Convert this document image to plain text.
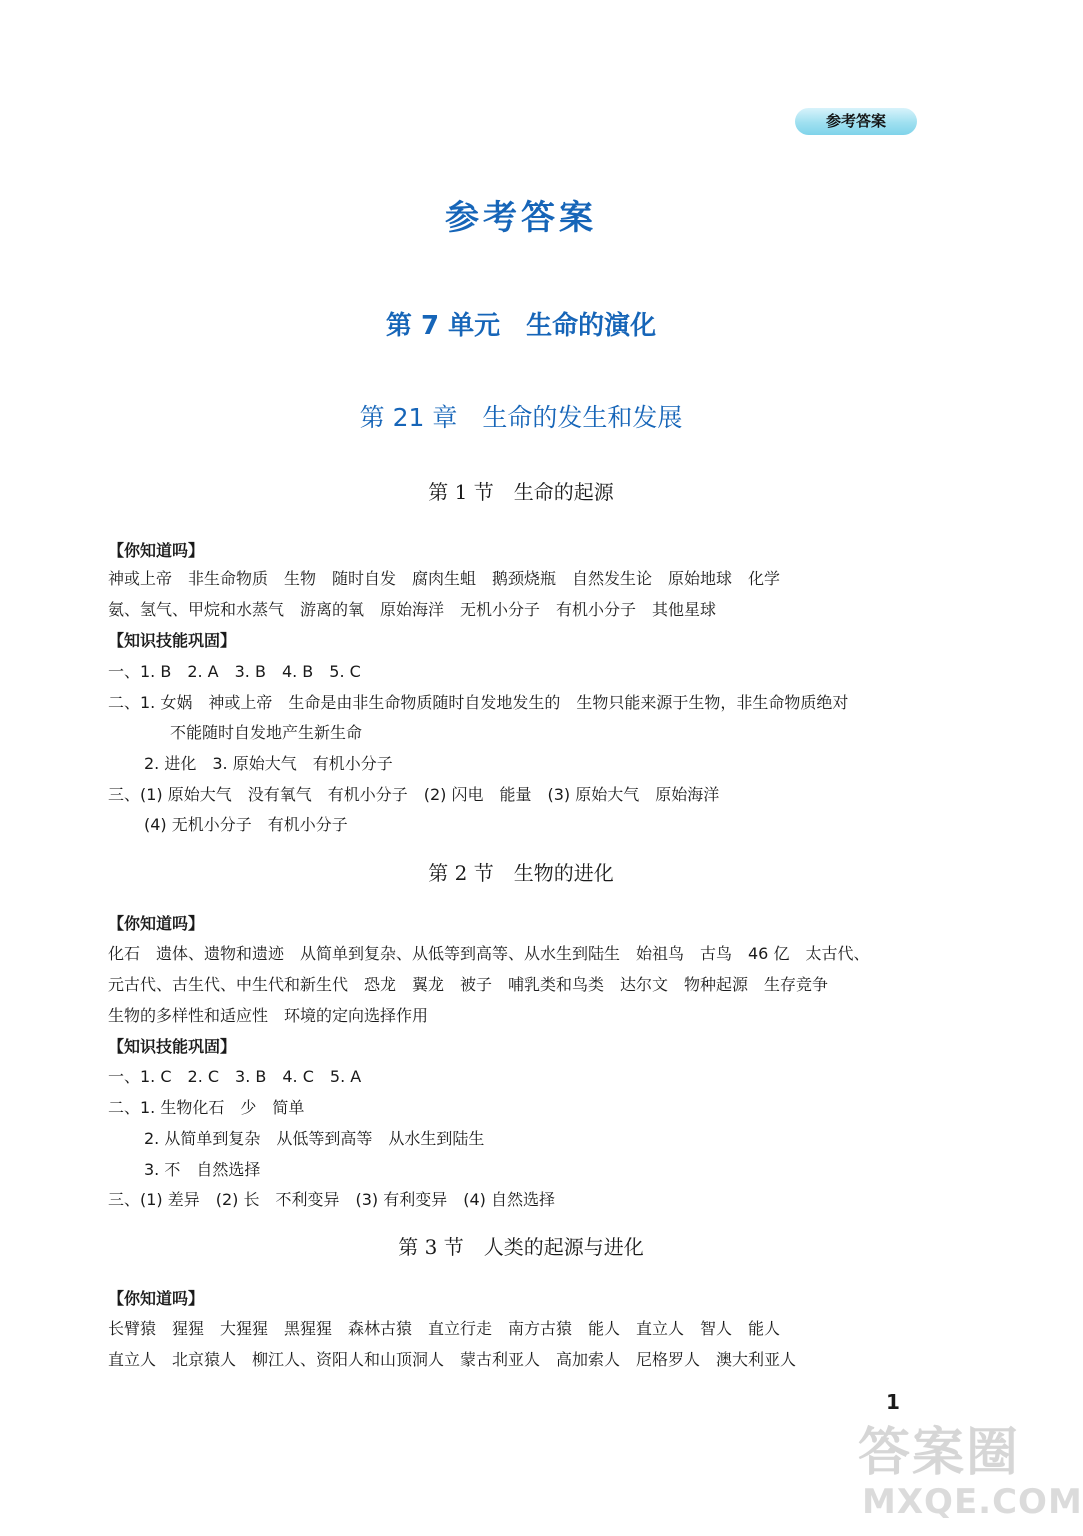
参考答案
参考答案
第 7 单元　生命的演化
第 21 章　生命的发生和发展
第 1 节　生命的起源
【你知道吗】
神或上帝　非生命物质　生物　随时自发　腐肉生蛆　鹅颈烧瓶　自然发生论　原始地球　化学
氨、氢气、甲烷和水蒸气　游离的氧　原始海洋　无机小分子　有机小分子　其他星球
【知识技能巩固】
一、1. B　2. A　3. B　4. B　5. C
二、1. 女娲　神或上帝　生命是由非生命物质随时自发地发生的　生物只能来源于生物，非生命物质绝对
不能随时自发地产生新生命
2. 进化　3. 原始大气　有机小分子
三、(1) 原始大气　没有氧气　有机小分子　(2) 闪电　能量　(3) 原始大气　原始海洋
(4) 无机小分子　有机小分子
第 2 节　生物的进化
【你知道吗】
化石　遗体、遗物和遗迹　从简单到复杂、从低等到高等、从水生到陆生　始祖鸟　古鸟　46 亿　太古代、
元古代、古生代、中生代和新生代　恐龙　翼龙　被子　哺乳类和鸟类　达尔文　物种起源　生存竞争
生物的多样性和适应性　环境的定向选择作用
【知识技能巩固】
一、1. C　2. C　3. B　4. C　5. A
二、1. 生物化石　少　简单
2. 从简单到复杂　从低等到高等　从水生到陆生
3. 不　自然选择
三、(1) 差异　(2) 长　不利变异　(3) 有利变异　(4) 自然选择
第 3 节　人类的起源与进化
【你知道吗】
长臂猿　猩猩　大猩猩　黑猩猩　森林古猿　直立行走　南方古猿　能人　直立人　智人　能人
直立人　北京猿人　柳江人、资阳人和山顶洞人　蒙古利亚人　高加索人　尼格罗人　澳大利亚人
1
答案圈
MXQE.COM
